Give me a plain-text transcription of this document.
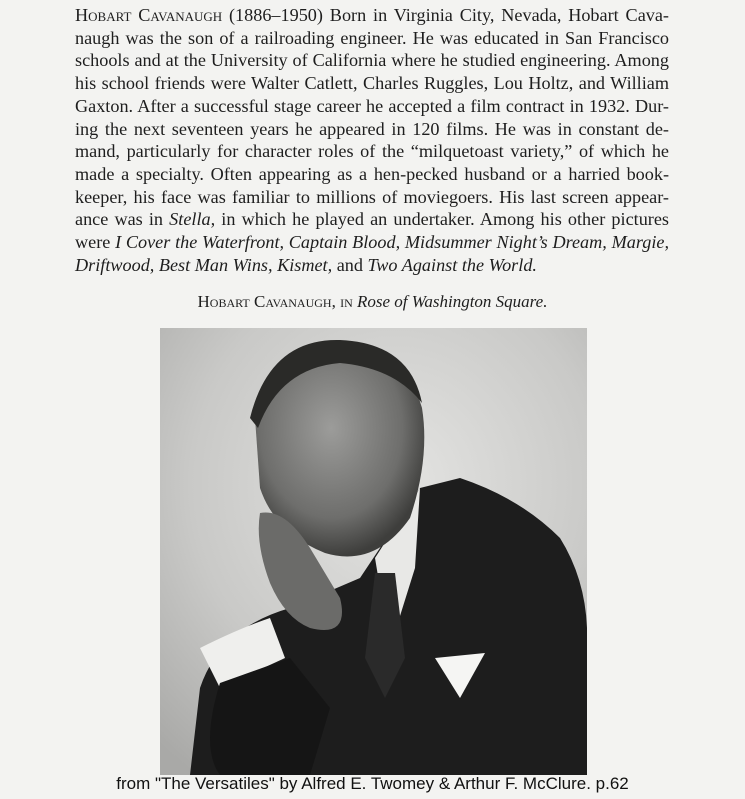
Hobart Cavanaugh (1886–1950) Born in Virginia City, Nevada, Hobart Cava-
naugh was the son of a railroading engineer. He was educated in San Francisco
schools and at the University of California where he studied engineering. Among
his school friends were Walter Catlett, Charles Ruggles, Lou Holtz, and William
Gaxton. After a successful stage career he accepted a film contract in 1932. Dur-
ing the next seventeen years he appeared in 120 films. He was in constant de-
mand, particularly for character roles of the “milquetoast variety,” of which he
made a specialty. Often appearing as a hen-pecked husband or a harried book-
keeper, his face was familiar to millions of moviegoers. His last screen appear-
ance was in Stella, in which he played an undertaker. Among his other pictures
were I Cover the Waterfront, Captain Blood, Midsummer Night’s Dream, Margie,
Driftwood, Best Man Wins, Kismet, and Two Against the World.
Hobart Cavanaugh, in Rose of Washington Square.
from "The Versatiles" by Alfred E. Twomey & Arthur F. McClure. p.62
